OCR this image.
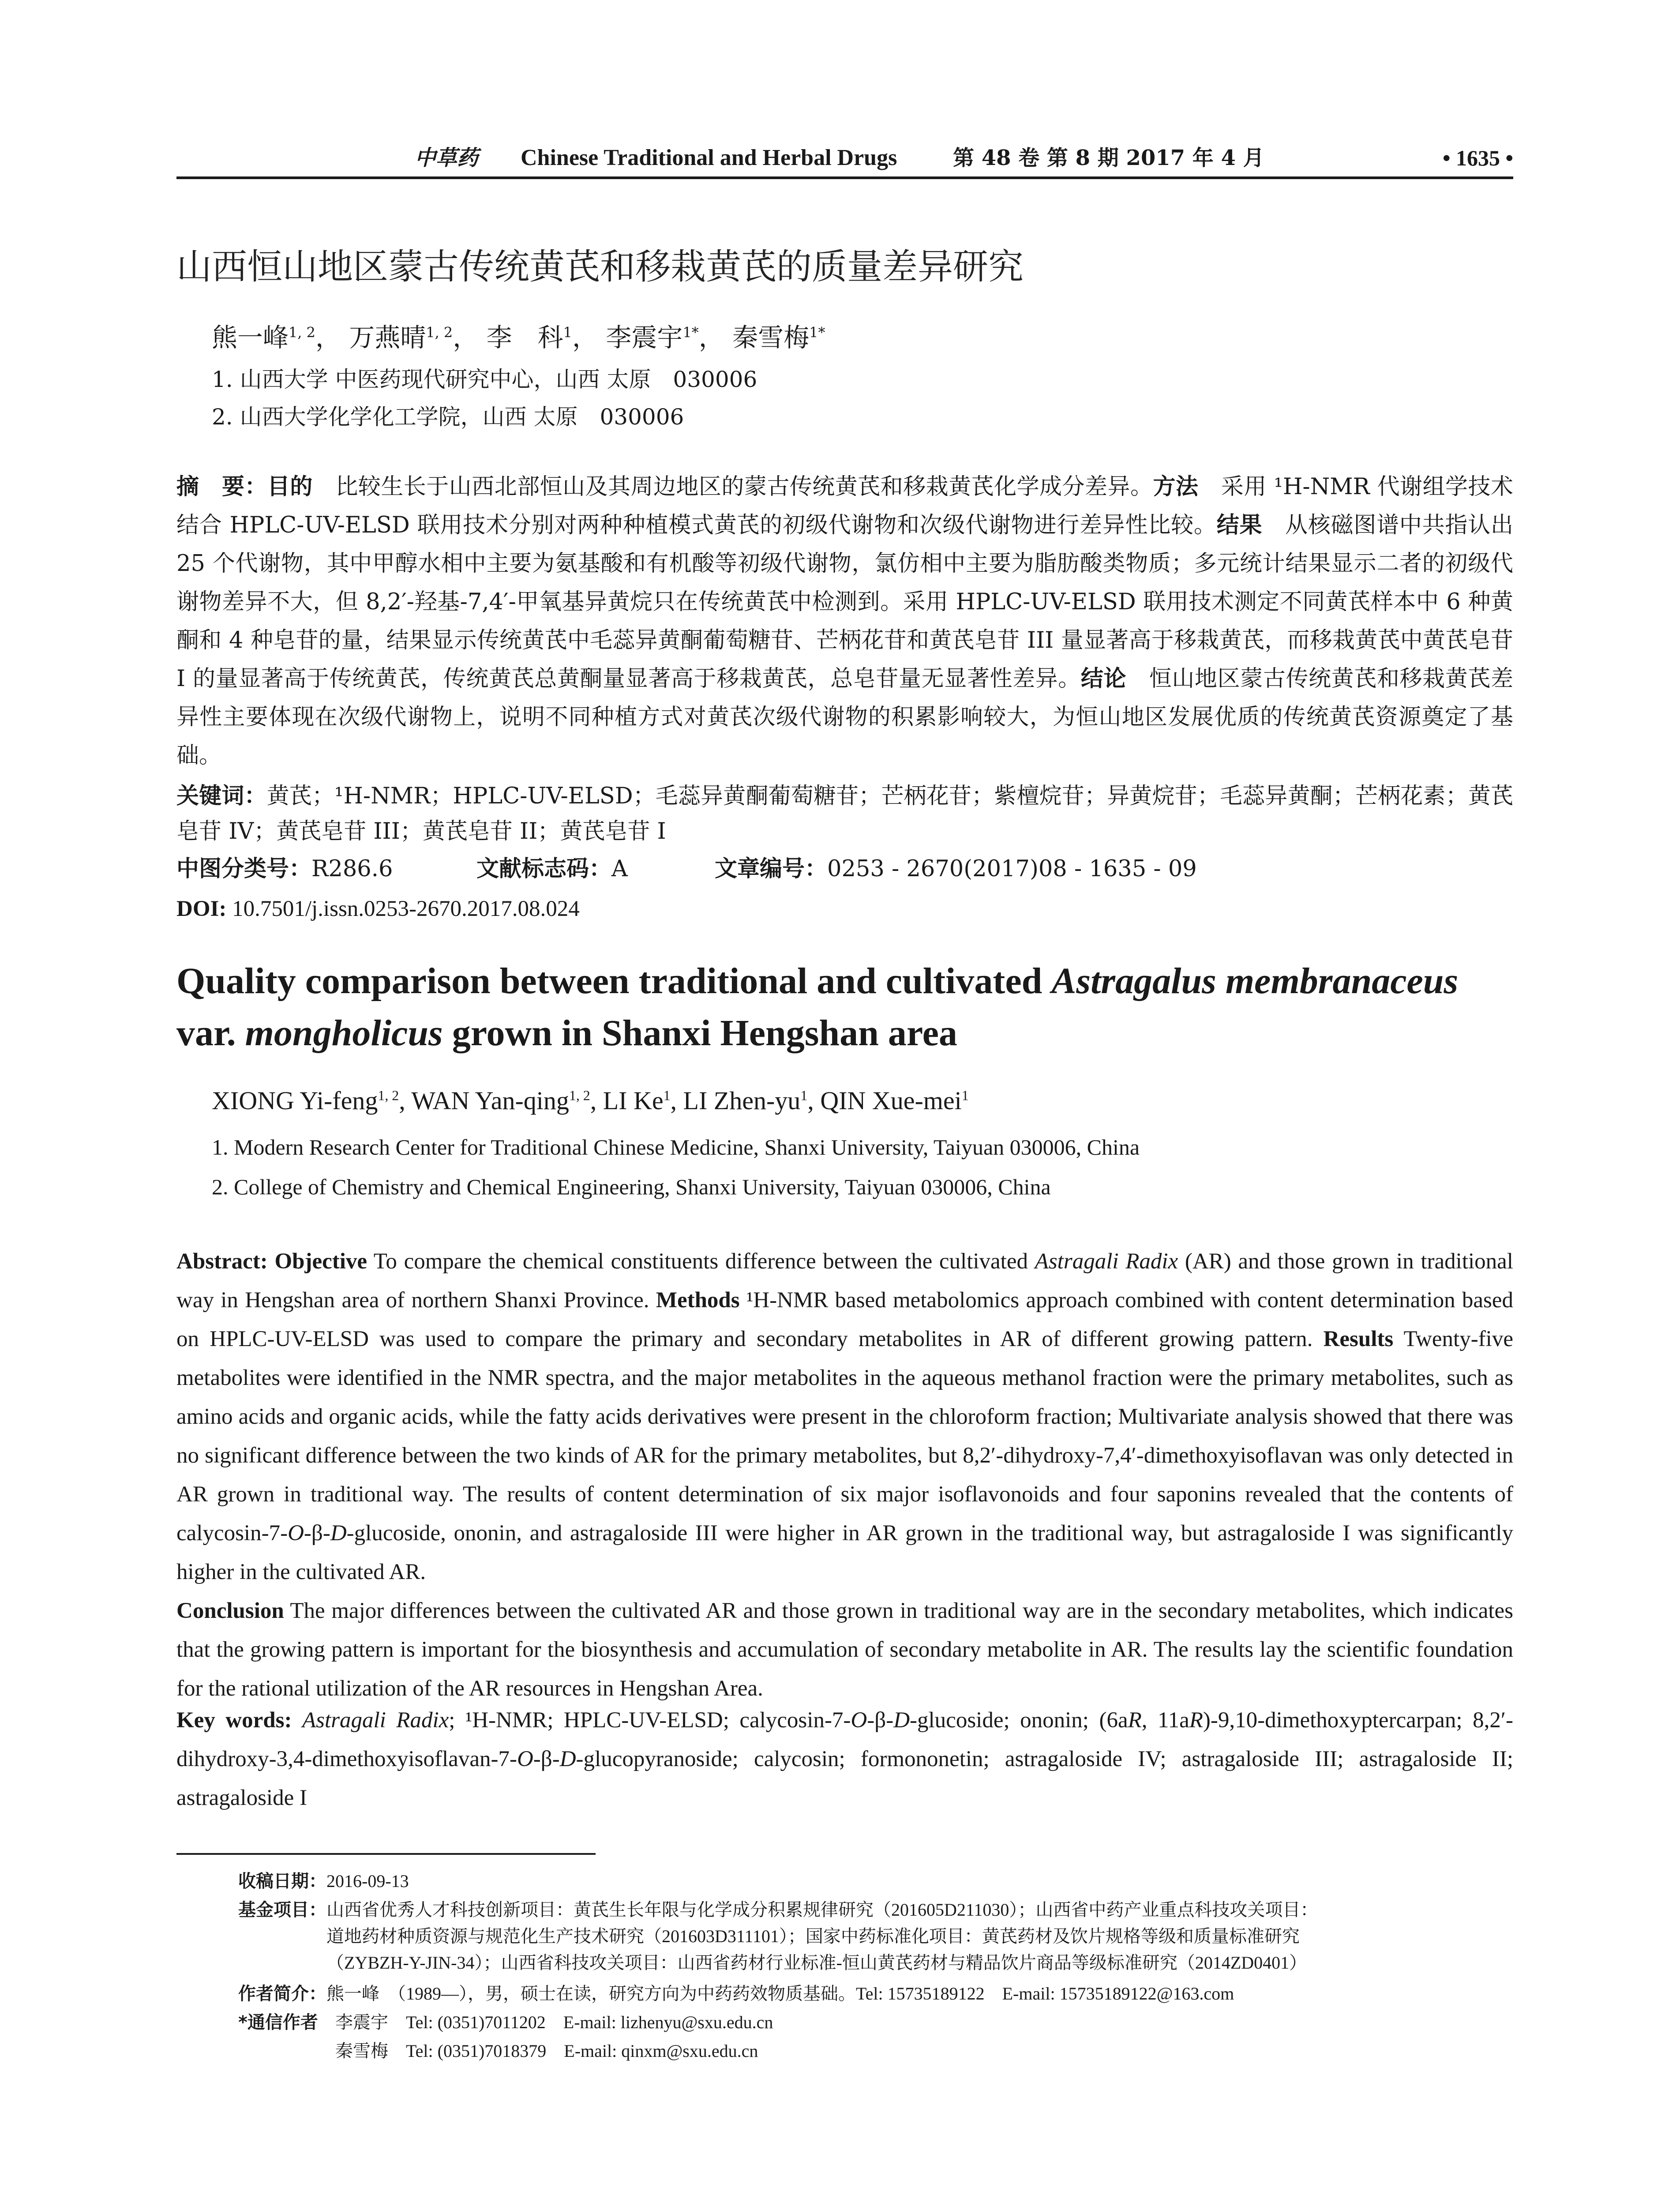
中草药 Chinese Traditional and Herbal Drugs	第 48 卷 第 8 期 2017 年 4 月	• 1635 •
山西恒山地区蒙古传统黄芪和移栽黄芪的质量差异研究
熊一峰$^{1, 2}$， 万燕晴$^{1, 2}$， 李　科$^1$， 李震宇$^{1*}$， 秦雪梅$^{1*}$
1. 山西大学 中医药现代研究中心，山西 太原　030006
2. 山西大学化学化工学院，山西 太原　030006
摘　要：目的　比较生长于山西北部恒山及其周边地区的蒙古传统黄芪和移栽黄芪化学成分差异。方法　采用 ¹H-NMR 代谢组学技术结合 HPLC-UV-ELSD 联用技术分别对两种种植模式黄芪的初级代谢物和次级代谢物进行差异性比较。结果　从核磁图谱中共指认出 25 个代谢物，其中甲醇水相中主要为氨基酸和有机酸等初级代谢物，氯仿相中主要为脂肪酸类物质；多元统计结果显示二者的初级代谢物差异不大，但 8,2′-羟基-7,4′-甲氧基异黄烷只在传统黄芪中检测到。采用 HPLC-UV-ELSD 联用技术测定不同黄芪样本中 6 种黄酮和 4 种皂苷的量，结果显示传统黄芪中毛蕊异黄酮葡萄糖苷、芒柄花苷和黄芪皂苷 III 量显著高于移栽黄芪，而移栽黄芪中黄芪皂苷 I 的量显著高于传统黄芪，传统黄芪总黄酮量显著高于移栽黄芪，总皂苷量无显著性差异。结论　恒山地区蒙古传统黄芪和移栽黄芪差异性主要体现在次级代谢物上，说明不同种植方式对黄芪次级代谢物的积累影响较大，为恒山地区发展优质的传统黄芪资源奠定了基础。
关键词：黄芪；¹H-NMR；HPLC-UV-ELSD；毛蕊异黄酮葡萄糖苷；芒柄花苷；紫檀烷苷；异黄烷苷；毛蕊异黄酮；芒柄花素；黄芪皂苷 IV；黄芪皂苷 III；黄芪皂苷 II；黄芪皂苷 I
中图分类号：R286.6	文献标志码：A	文章编号：0253 - 2670(2017)08 - 1635 - 09
DOI: 10.7501/j.issn.0253-2670.2017.08.024
Quality comparison between traditional and cultivated Astragalus membranaceus
var. mongholicus grown in Shanxi Hengshan area
XIONG Yi-feng$^{1, 2}$, WAN Yan-qing$^{1, 2}$, LI Ke$^1$, LI Zhen-$yu^1$, QIN Xue-mei$^1$
1. Modern Research Center for Traditional Chinese Medicine, Shanxi University, Taiyuan 030006, China
2. College of Chemistry and Chemical Engineering, Shanxi University, Taiyuan 030006, China
Abstract: Objective To compare the chemical constituents difference between the cultivated Astragali Radix (AR) and those grown in traditional way in Hengshan area of northern Shanxi Province. Methods ¹H-NMR based metabolomics approach combined with content determination based on HPLC-UV-ELSD was used to compare the primary and secondary metabolites in AR of different growing pattern. Results Twenty-five metabolites were identified in the NMR spectra, and the major metabolites in the aqueous methanol fraction were the primary metabolites, such as amino acids and organic acids, while the fatty acids derivatives were present in the chloroform fraction; Multivariate analysis showed that there was no significant difference between the two kinds of AR for the primary metabolites, but 8,2′-dihydroxy-7,4′-dimethoxyisoflavan was only detected in AR grown in traditional way. The results of content determination of six major isoflavonoids and four saponins revealed that the contents of calycosin-7-O-β-D-glucoside, ononin, and astragaloside III were higher in AR grown in the traditional way, but astragaloside I was significantly higher in the cultivated AR.
Conclusion The major differences between the cultivated AR and those grown in traditional way are in the secondary metabolites, which indicates that the growing pattern is important for the biosynthesis and accumulation of secondary metabolite in AR. The results lay the scientific foundation for the rational utilization of the AR resources in Hengshan Area.
Key words: Astragali Radix; ¹H-NMR; HPLC-UV-ELSD; calycosin-7-O-β-D-glucoside; ononin; (6aR, 11aR)-9,10-dimethoxyptercarpan; 8,2′-dihydroxy-3,4-dimethoxyisoflavan-7-O-β-D-glucopyranoside; calycosin; formononetin; astragaloside IV; astragaloside III; astragaloside II; astragaloside I
收稿日期： 2016-09-13
基金项目： 山西省优秀人才科技创新项目：黄芪生长年限与化学成分积累规律研究（201605D211030）；山西省中药产业重点科技攻关项目：
道地药材种质资源与规范化生产技术研究（201603D311101）；国家中药标准化项目：黄芪药材及饮片规格等级和质量标准研究
（ZYBZH-Y-JIN-34）；山西省科技攻关项目：山西省药材行业标准-恒山黄芪药材与精品饮片商品等级标准研究（2014ZD0401）
作者简介： 熊一峰　（1989—），男，硕士在读，研究方向为中药药效物质基础。Tel: 15735189122　E-mail: 15735189122@163.com
*通信作者 李震宇　Tel: (0351)7011202　E-mail: lizhenyu@sxu.edu.cn
秦雪梅　Tel: (0351)7018379　E-mail: qinxm@sxu.edu.cn
